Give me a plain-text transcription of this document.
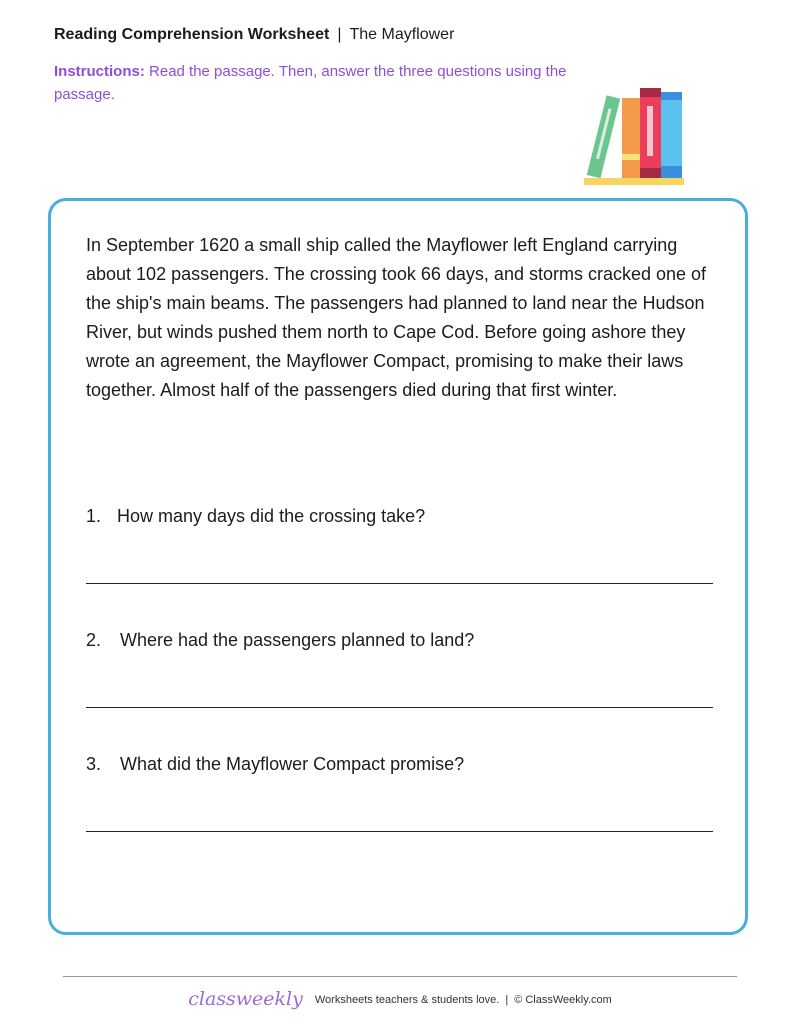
Reading Comprehension Worksheet | The Mayflower
Instructions: Read the passage. Then, answer the three questions using the passage.

In September 1620 a small ship called the Mayflower left England carrying about 102 passengers. The crossing took 66 days, and storms cracked one of the ship's main beams. The passengers had planned to land near the Hudson River, but winds pushed them north to Cape Cod. Before going ashore they wrote an agreement, the Mayflower Compact, promising to make their laws together. Almost half of the passengers died during that first winter.

1. How many days did the crossing take?
2. Where had the passengers planned to land?
3. What did the Mayflower Compact promise?
classweekly Worksheets teachers & students love. | © ClassWeekly.com
